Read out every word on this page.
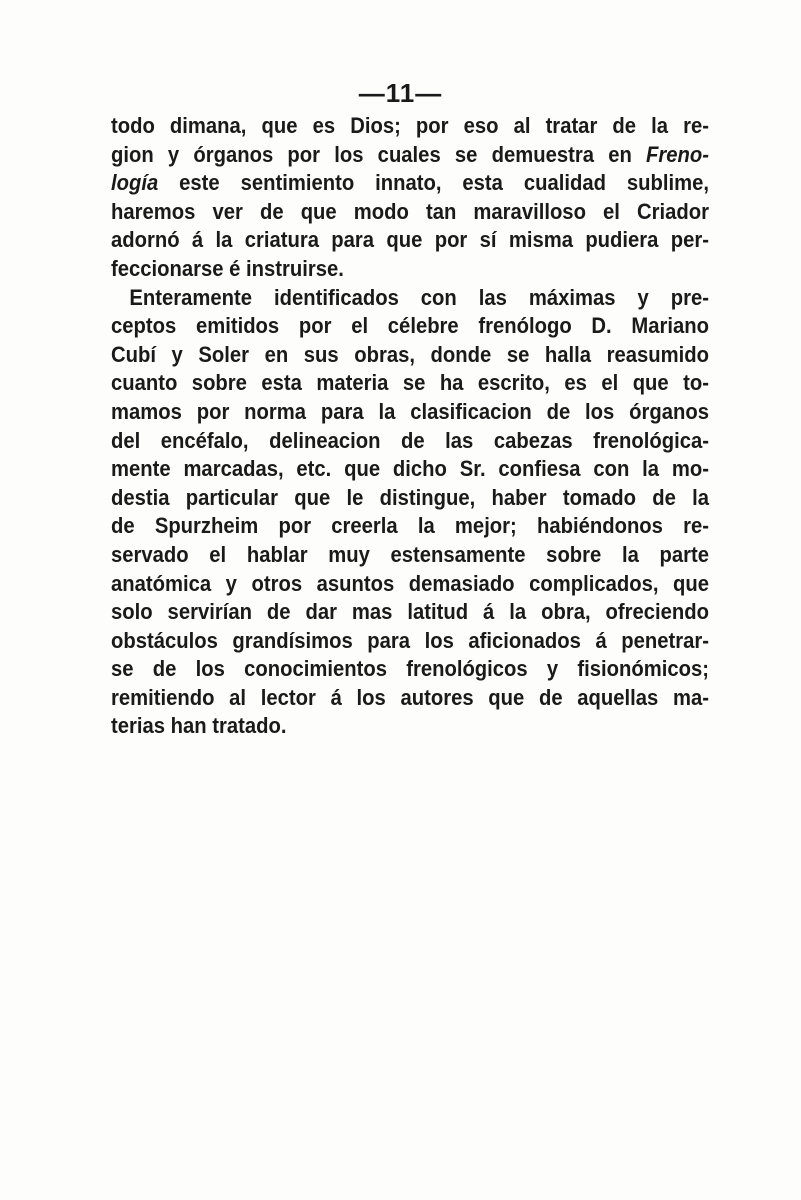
—11—
todo dimana, que es Dios; por eso al tratar de la re-
gion y órganos por los cuales se demuestra en Freno-
logía este sentimiento innato, esta cualidad sublime,
haremos ver de que modo tan maravilloso el Criador
adornó á la criatura para que por sí misma pudiera per-
feccionarse é instruirse.
Enteramente identificados con las máximas y pre-
ceptos emitidos por el célebre frenólogo D. Mariano
Cubí y Soler en sus obras, donde se halla reasumido
cuanto sobre esta materia se ha escrito, es el que to-
mamos por norma para la clasificacion de los órganos
del encéfalo, delineacion de las cabezas frenológica-
mente marcadas, etc. que dicho Sr. confiesa con la mo-
destia particular que le distingue, haber tomado de la
de Spurzheim por creerla la mejor; habiéndonos re-
servado el hablar muy estensamente sobre la parte
anatómica y otros asuntos demasiado complicados, que
solo servirían de dar mas latitud á la obra, ofreciendo
obstáculos grandísimos para los aficionados á penetrar-
se de los conocimientos frenológicos y fisionómicos;
remitiendo al lector á los autores que de aquellas ma-
terias han tratado.
